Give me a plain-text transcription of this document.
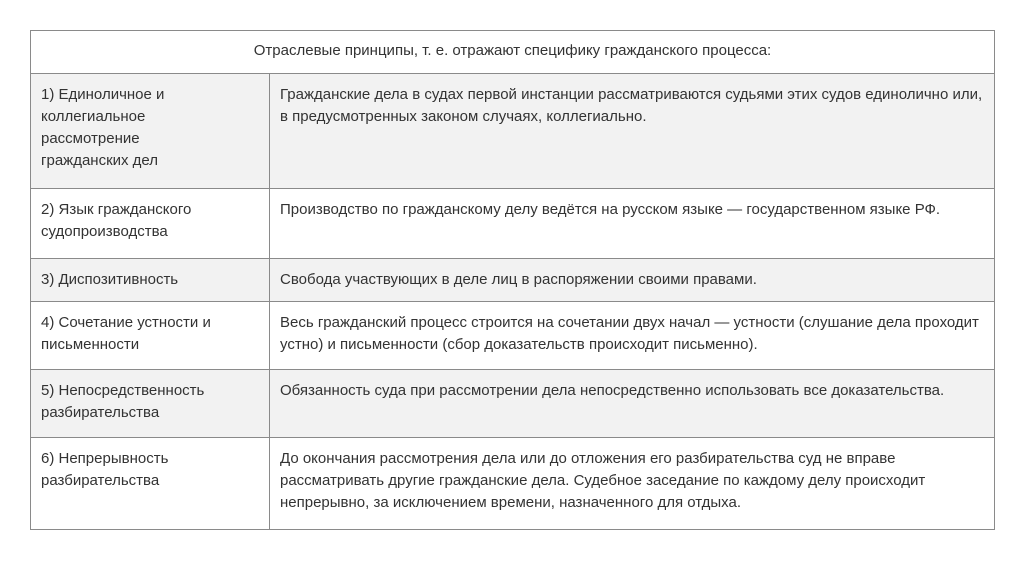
Отраслевые принципы, т. е. отражают специфику гражданского процесса:	
1) Единоличное и
коллегиальное
рассмотрение
гражданских дел	Гражданские дела в судах первой инстанции рассматриваются судьями этих судов единолично или, в предусмотренных законом случаях, коллегиально.
2) Язык гражданского
судопроизводства	Производство по гражданскому делу ведётся на русском языке — государственном языке РФ.
3) Диспозитивность	Свобода участвующих в деле лиц в распоряжении своими правами.
4) Сочетание устности и
письменности	Весь гражданский процесс строится на сочетании двух начал — устности (слушание дела проходит устно) и письменности (сбор доказательств происходит письменно).
5) Непосредственность
разбирательства	Обязанность суда при рассмотрении дела непосредственно использовать все доказательства.
6) Непрерывность
разбирательства	До окончания рассмотрения дела или до отложения его разбирательства суд не вправе рассматривать другие гражданские дела. Судебное заседание по каждому делу происходит непрерывно, за исключением времени, назначенного для отдыха.
